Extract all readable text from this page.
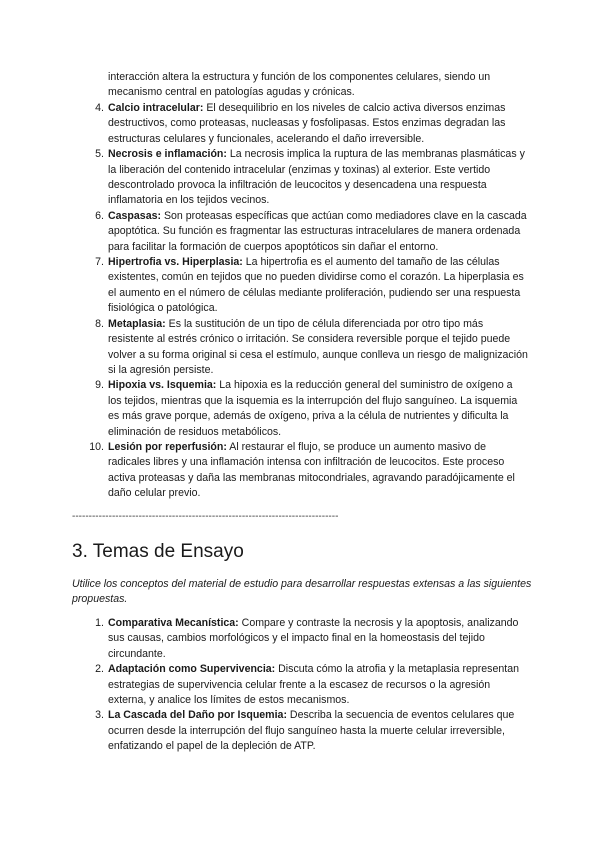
interacción altera la estructura y función de los componentes celulares, siendo un mecanismo central en patologías agudas y crónicas.

4. Calcio intracelular: El desequilibrio en los niveles de calcio activa diversos enzimas destructivos, como proteasas, nucleasas y fosfolipasas. Estos enzimas degradan las estructuras celulares y funcionales, acelerando el daño irreversible.
5. Necrosis e inflamación: La necrosis implica la ruptura de las membranas plasmáticas y la liberación del contenido intracelular (enzimas y toxinas) al exterior. Este vertido descontrolado provoca la infiltración de leucocitos y desencadena una respuesta inflamatoria en los tejidos vecinos.
6. Caspasas: Son proteasas específicas que actúan como mediadores clave en la cascada apoptótica. Su función es fragmentar las estructuras intracelulares de manera ordenada para facilitar la formación de cuerpos apoptóticos sin dañar el entorno.
7. Hipertrofia vs. Hiperplasia: La hipertrofia es el aumento del tamaño de las células existentes, común en tejidos que no pueden dividirse como el corazón. La hiperplasia es el aumento en el número de células mediante proliferación, pudiendo ser una respuesta fisiológica o patológica.
8. Metaplasia: Es la sustitución de un tipo de célula diferenciada por otro tipo más resistente al estrés crónico o irritación. Se considera reversible porque el tejido puede volver a su forma original si cesa el estímulo, aunque conlleva un riesgo de malignización si la agresión persiste.
9. Hipoxia vs. Isquemia: La hipoxia es la reducción general del suministro de oxígeno a los tejidos, mientras que la isquemia es la interrupción del flujo sanguíneo. La isquemia es más grave porque, además de oxígeno, priva a la célula de nutrientes y dificulta la eliminación de residuos metabólicos.
10. Lesión por reperfusión: Al restaurar el flujo, se produce un aumento masivo de radicales libres y una inflamación intensa con infiltración de leucocitos. Este proceso activa proteasas y daña las membranas mitocondriales, agravando paradójicamente el daño celular previo.
--------------------------------------------------------------------------------
3. Temas de Ensayo

Utilice los conceptos del material de estudio para desarrollar respuestas extensas a las siguientes propuestas.

1. Comparativa Mecanística: Compare y contraste la necrosis y la apoptosis, analizando sus causas, cambios morfológicos y el impacto final en la homeostasis del tejido circundante.
2. Adaptación como Supervivencia: Discuta cómo la atrofia y la metaplasia representan estrategias de supervivencia celular frente a la escasez de recursos o la agresión externa, y analice los límites de estos mecanismos.
3. La Cascada del Daño por Isquemia: Describa la secuencia de eventos celulares que ocurren desde la interrupción del flujo sanguíneo hasta la muerte celular irreversible, enfatizando el papel de la depleción de ATP.
